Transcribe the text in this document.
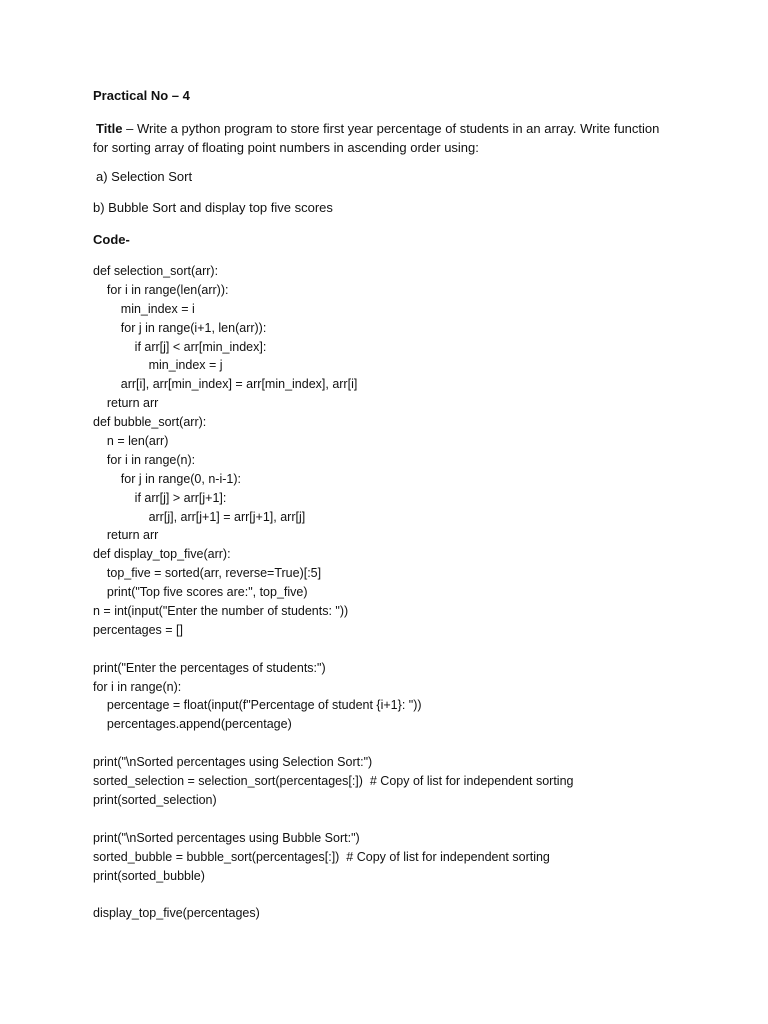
Practical No – 4
Title – Write a python program to store first year percentage of students in an array. Write function
for sorting array of floating point numbers in ascending order using:
a) Selection Sort
b) Bubble Sort and display top five scores
Code-
def selection_sort(arr):
for i in range(len(arr)):
min_index = i
for j in range(i+1, len(arr)):
if arr[j] < arr[min_index]:
min_index = j
arr[i], arr[min_index] = arr[min_index], arr[i]
return arr
def bubble_sort(arr):
n = len(arr)
for i in range(n):
for j in range(0, n-i-1):
if arr[j] > arr[j+1]:
arr[j], arr[j+1] = arr[j+1], arr[j]
return arr
def display_top_five(arr):
top_five = sorted(arr, reverse=True)[:5]
print("Top five scores are:", top_five)
n = int(input("Enter the number of students: "))
percentages = []
print("Enter the percentages of students:")
for i in range(n):
percentage = float(input(f"Percentage of student {i+1}: "))
percentages.append(percentage)
print("\nSorted percentages using Selection Sort:")
sorted_selection = selection_sort(percentages[:])  # Copy of list for independent sorting
print(sorted_selection)
print("\nSorted percentages using Bubble Sort:")
sorted_bubble = bubble_sort(percentages[:])  # Copy of list for independent sorting
print(sorted_bubble)
display_top_five(percentages)
